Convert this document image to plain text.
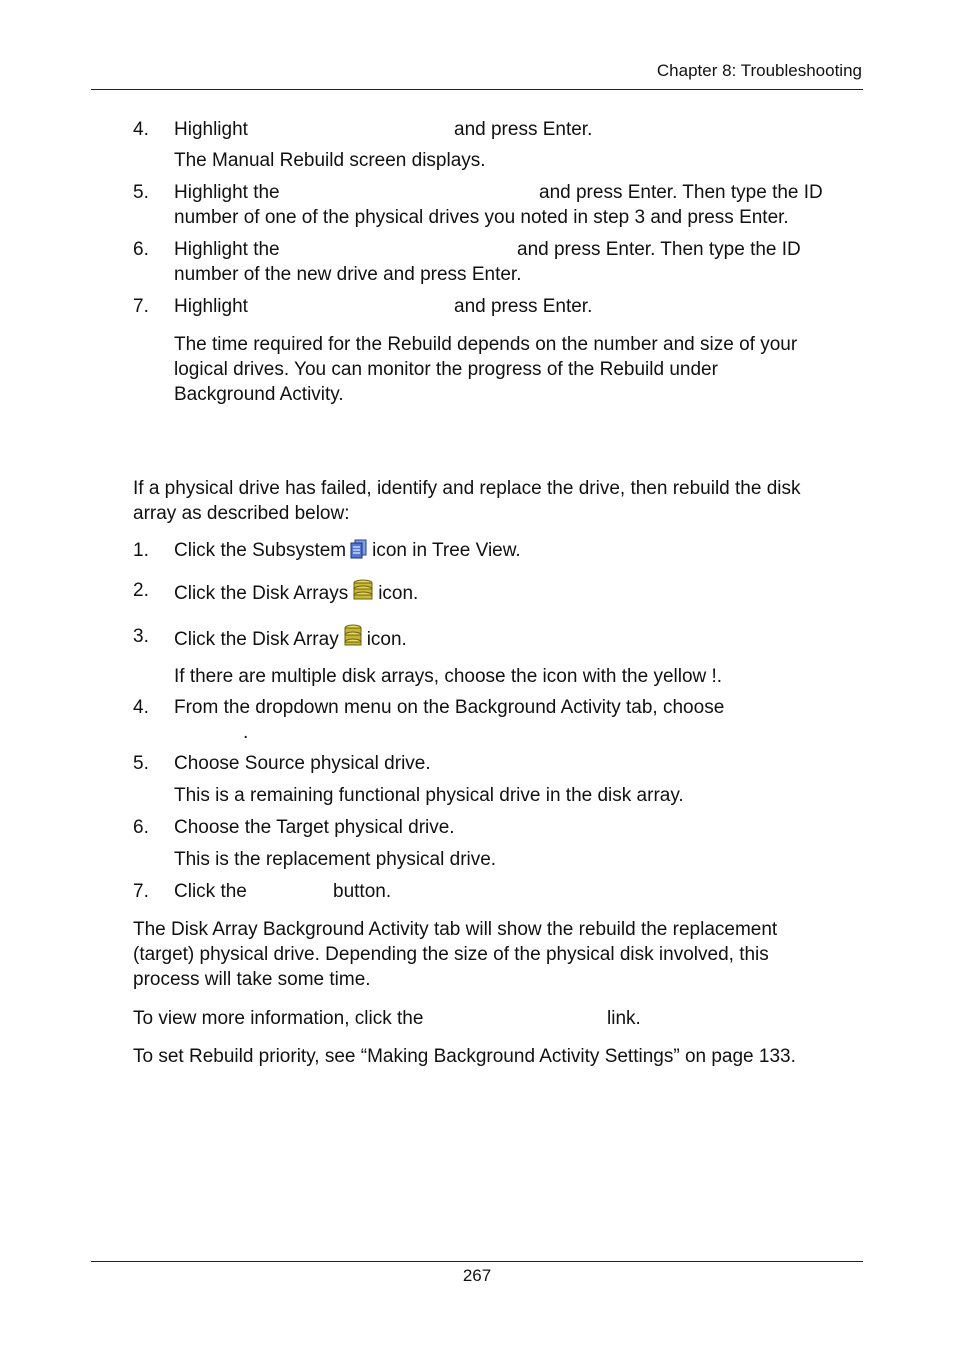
Chapter 8: Troubleshooting
4. Highlight	and press Enter.
The Manual Rebuild screen displays.
5. Highlight the	and press Enter. Then type the ID
number of one of the physical drives you noted in step 3 and press Enter.
6. Highlight the	and press Enter. Then type the ID
number of the new drive and press Enter.
7. Highlight	and press Enter.
The time required for the Rebuild depends on the number and size of your
logical drives. You can monitor the progress of the Rebuild under
Background Activity.
If a physical drive has failed, identify and replace the drive, then rebuild the disk
array as described below:
1. Click the Subsystem icon in Tree View.
2. Click the Disk Arrays icon.
3. Click the Disk Array icon.
If there are multiple disk arrays, choose the icon with the yellow !.
4. From the dropdown menu on the Background Activity tab, choose
.
5. Choose Source physical drive.
This is a remaining functional physical drive in the disk array.
6. Choose the Target physical drive.
This is the replacement physical drive.
7. Click the	button.
The Disk Array Background Activity tab will show the rebuild the replacement
(target) physical drive. Depending the size of the physical disk involved, this
process will take some time.
To view more information, click the	link.
To set Rebuild priority, see “Making Background Activity Settings” on page 133.
267
